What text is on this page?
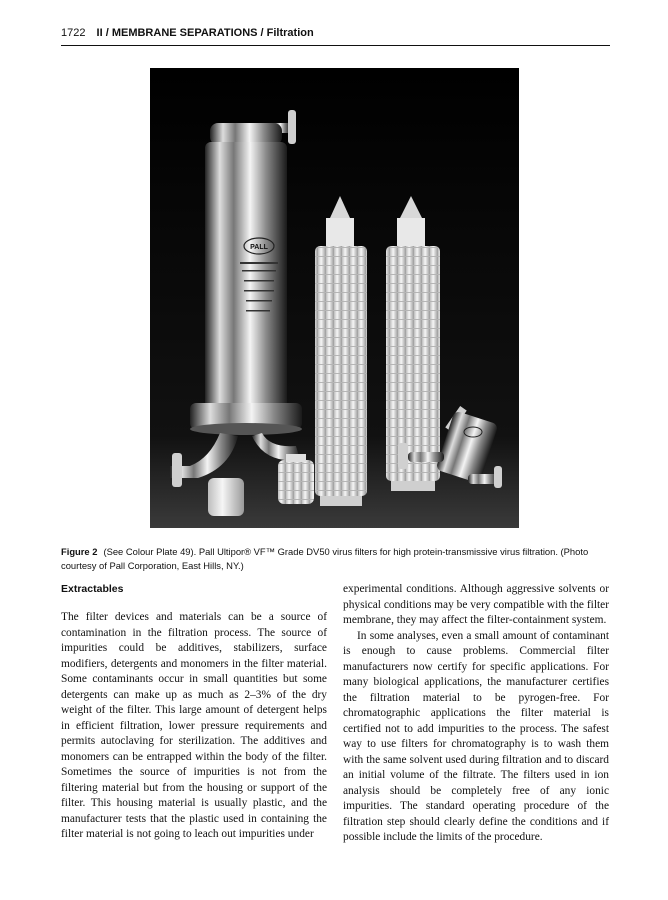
1722 II / MEMBRANE SEPARATIONS / Filtration
PALL
Figure 2 (See Colour Plate 49). Pall Ultipor® VF™ Grade DV50 virus filters for high protein-transmissive virus filtration. (Photo courtesy of Pall Corporation, East Hills, NY.)
Extractables

The filter devices and materials can be a source of contamination in the filtration process. The source of impurities could be additives, stabilizers, surface modifiers, detergents and monomers in the filter material. Some contaminants occur in small quantities but some detergents can make up as much as 2–3% of the dry weight of the filter. This large amount of detergent helps in efficient filtration, lower pressure requirements and permits autoclaving for sterilization. The additives and monomers can be entrapped within the body of the filter. Sometimes the source of impurities is not from the filtering material but from the housing or support of the filter. This housing material is usually plastic, and the manufacturer tests that the plastic used in containing the filter material is not going to leach out impurities under

experimental conditions. Although aggressive solvents or physical conditions may be very compatible with the filter membrane, they may affect the filter-containment system.

In some analyses, even a small amount of contaminant is enough to cause problems. Commercial filter manufacturers now certify for specific applications. For many biological applications, the manufacturer certifies the filtration material to be pyrogen-free. For chromatographic applications the filter material is certified not to add impurities to the process. The safest way to use filters for chromatography is to wash them with the same solvent used during filtration and to discard an initial volume of the filtrate. The filters used in ion analysis should be completely free of any ionic impurities. The standard operating procedure of the filtration step should clearly define the conditions and if possible include the limits of the procedure.
